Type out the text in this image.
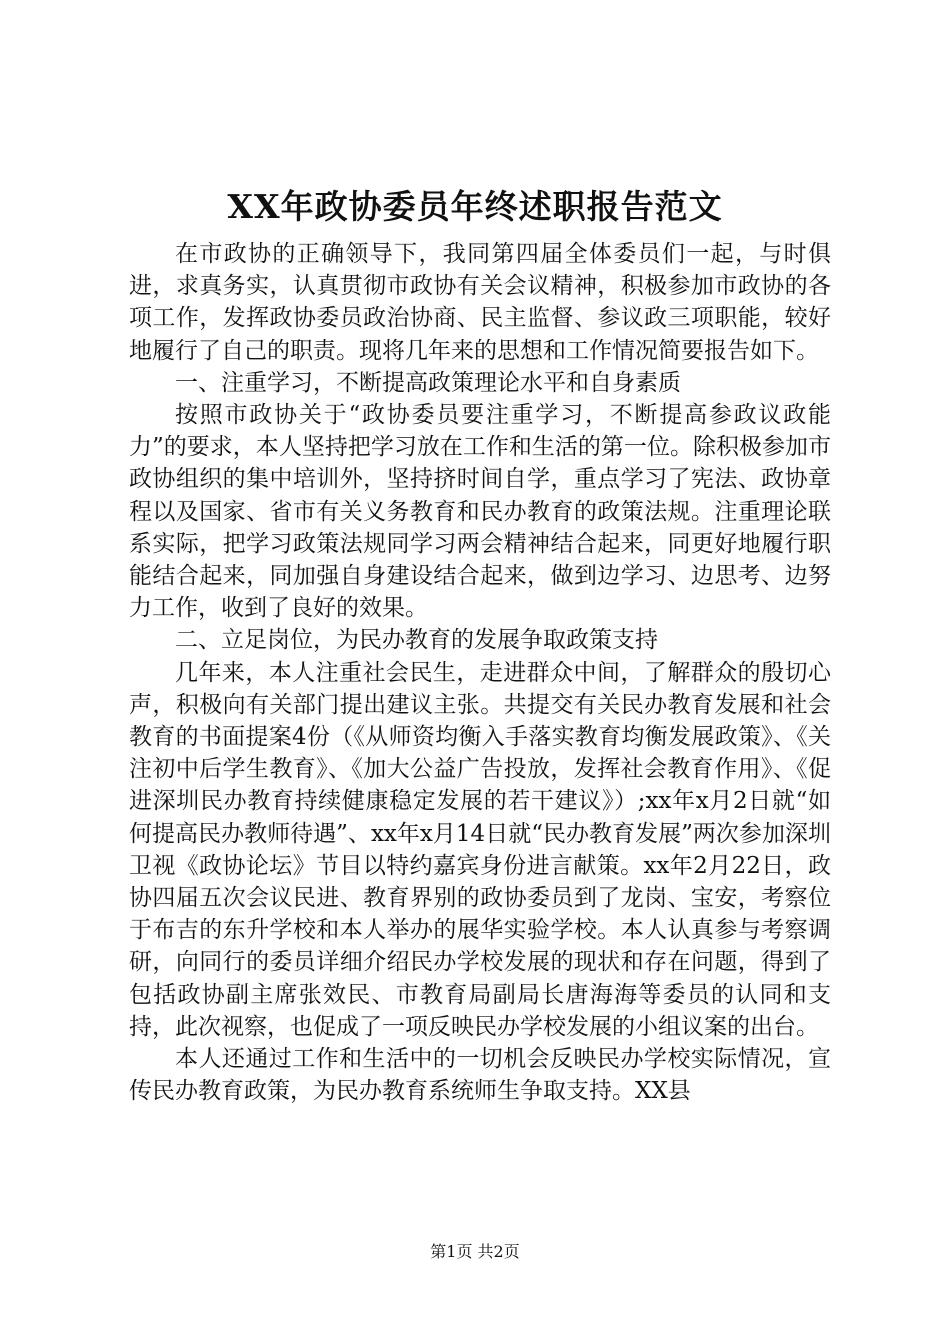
XX年政协委员年终述职报告范文

在市政协的正确领导下，我同第四届全体委员们一起，与时俱进，求真务实，认真贯彻市政协有关会议精神，积极参加市政协的各项工作，发挥政协委员政治协商、民主监督、参议政三项职能，较好地履行了自己的职责。现将几年来的思想和工作情况简要报告如下。

一、注重学习，不断提高政策理论水平和自身素质

按照市政协关于“政协委员要注重学习，不断提高参政议政能力”的要求，本人坚持把学习放在工作和生活的第一位。除积极参加市政协组织的集中培训外，坚持挤时间自学，重点学习了宪法、政协章程以及国家、省市有关义务教育和民办教育的政策法规。注重理论联系实际，把学习政策法规同学习两会精神结合起来，同更好地履行职能结合起来，同加强自身建设结合起来，做到边学习、边思考、边努力工作，收到了良好的效果。

二、立足岗位，为民办教育的发展争取政策支持

几年来，本人注重社会民生，走进群众中间，了解群众的殷切心声，积极向有关部门提出建议主张。共提交有关民办教育发展和社会教育的书面提案4份（《从师资均衡入手落实教育均衡发展政策》、《关注初中后学生教育》、《加大公益广告投放，发挥社会教育作用》、《促进深圳民办教育持续健康稳定发展的若干建议》）;xx年x月2日就“如何提高民办教师待遇”、xx年x月14日就“民办教育发展”两次参加深圳卫视《政协论坛》节目以特约嘉宾身份进言献策。xx年2月22日，政协四届五次会议民进、教育界别的政协委员到了龙岗、宝安，考察位于布吉的东升学校和本人举办的展华实验学校。本人认真参与考察调研，向同行的委员详细介绍民办学校发展的现状和存在问题，得到了包括政协副主席张效民、市教育局副局长唐海海等委员的认同和支持，此次视察，也促成了一项反映民办学校发展的小组议案的出台。

本人还通过工作和生活中的一切机会反映民办学校实际情况，宣传民办教育政策，为民办教育系统师生争取支持。XX县

第1页 共2页
